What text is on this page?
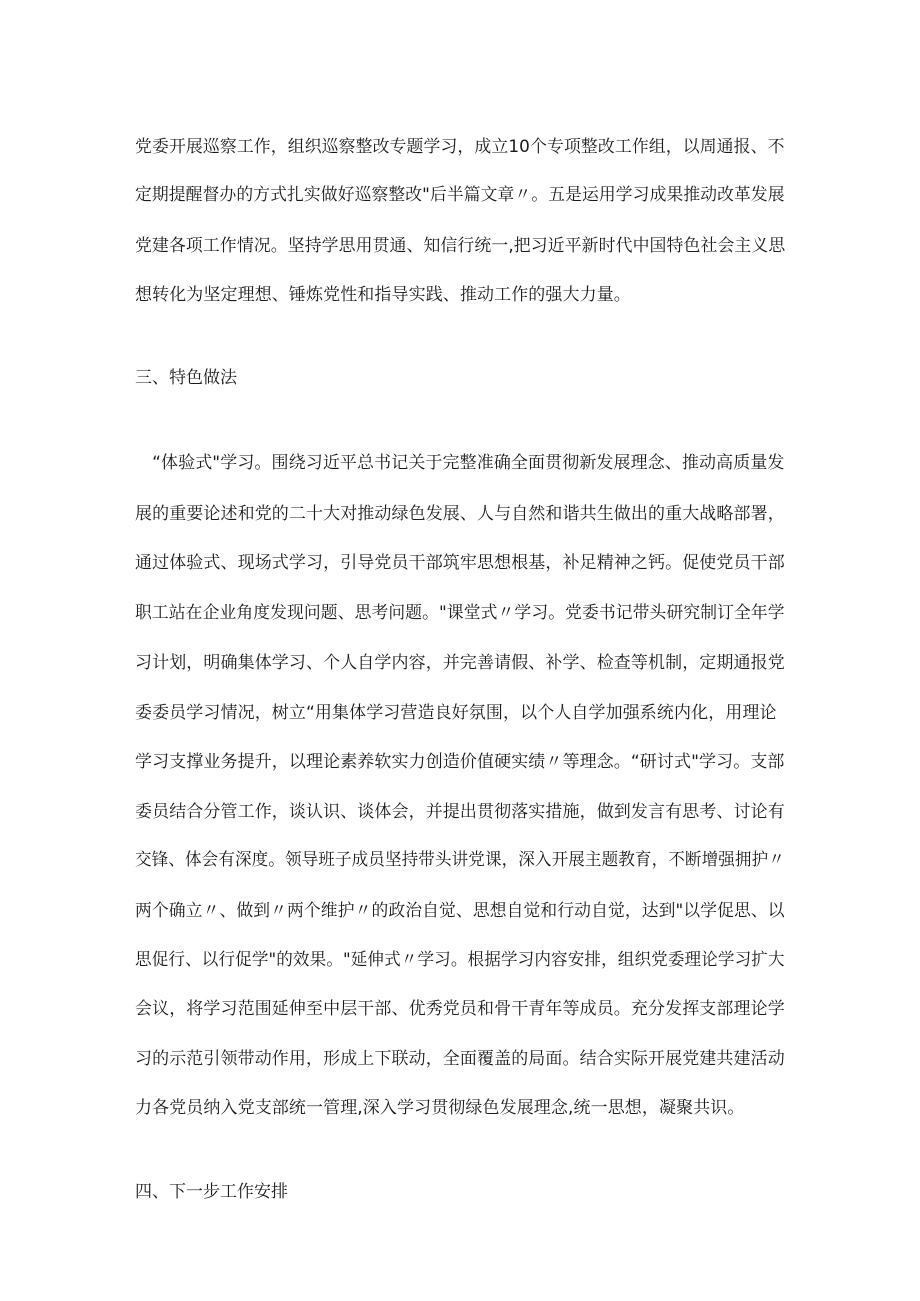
党委开展巡察工作，组织巡察整改专题学习，成立10个专项整改工作组，以周通报、不
定期提醒督办的方式扎实做好巡察整改"后半篇文章〃。五是运用学习成果推动改革发展
党建各项工作情况。坚持学思用贯通、知信行统一,把习近平新时代中国特色社会主义思
想转化为坚定理想、锤炼党性和指导实践、推动工作的强大力量。
三、特色做法
　“体验式"学习。围绕习近平总书记关于完整准确全面贯彻新发展理念、推动高质量发
展的重要论述和党的二十大对推动绿色发展、人与自然和谐共生做出的重大战略部署，
通过体验式、现场式学习，引导党员干部筑牢思想根基，补足精神之钙。促使党员干部
职工站在企业角度发现问题、思考问题。"课堂式〃学习。党委书记带头研究制订全年学
习计划，明确集体学习、个人自学内容，并完善请假、补学、检查等机制，定期通报党
委委员学习情况，树立“用集体学习营造良好氛围，以个人自学加强系统内化，用理论
学习支撑业务提升，以理论素养软实力创造价值硬实绩〃等理念。“研讨式"学习。支部
委员结合分管工作，谈认识、谈体会，并提出贯彻落实措施，做到发言有思考、讨论有
交锋、体会有深度。领导班子成员坚持带头讲党课，深入开展主题教育，不断增强拥护〃
两个确立〃、做到〃两个维护〃的政治自觉、思想自觉和行动自觉，达到"以学促思、以
思促行、以行促学"的效果。"延伸式〃学习。根据学习内容安排，组织党委理论学习扩大
会议，将学习范围延伸至中层干部、优秀党员和骨干青年等成员。充分发挥支部理论学
习的示范引领带动作用，形成上下联动，全面覆盖的局面。结合实际开展党建共建活动
力各党员纳入党支部统一管理,深入学习贯彻绿色发展理念,统一思想，凝聚共识。
四、下一步工作安排
